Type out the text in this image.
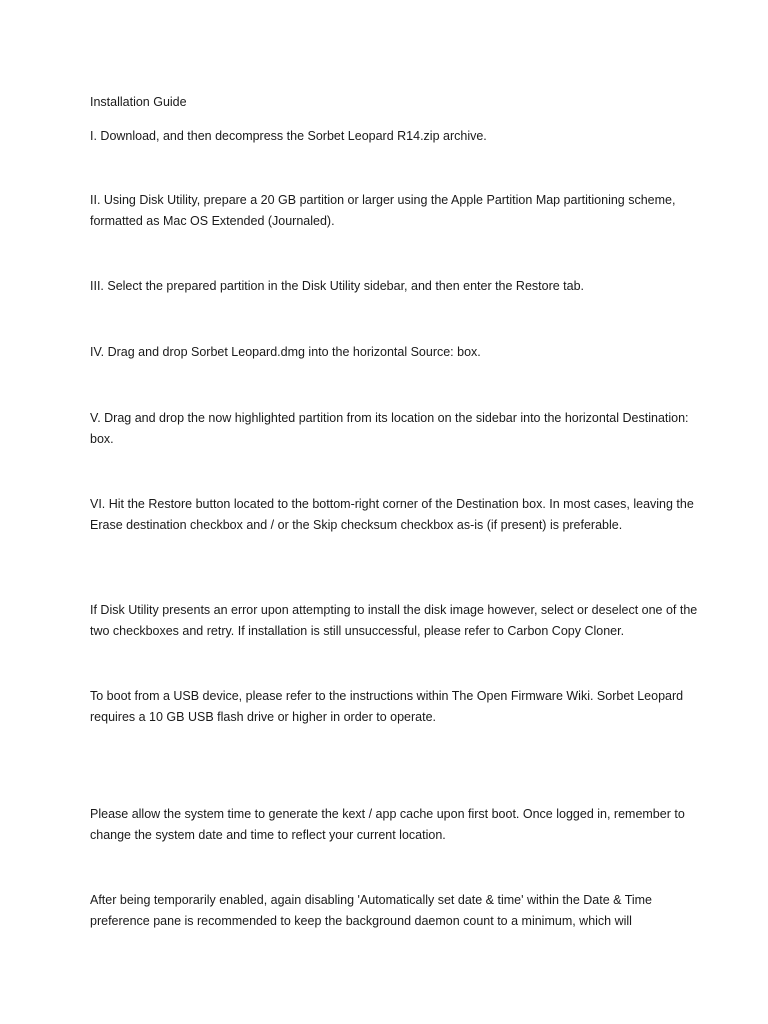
Installation Guide

I. Download, and then decompress the Sorbet Leopard R14.zip archive.

II. Using Disk Utility, prepare a 20 GB partition or larger using the Apple Partition Map partitioning scheme, formatted as Mac OS Extended (Journaled).

III. Select the prepared partition in the Disk Utility sidebar, and then enter the Restore tab.

IV. Drag and drop Sorbet Leopard.dmg into the horizontal Source: box.

V. Drag and drop the now highlighted partition from its location on the sidebar into the horizontal Destination: box.

VI. Hit the Restore button located to the bottom-right corner of the Destination box. In most cases, leaving the Erase destination checkbox and / or the Skip checksum checkbox as-is (if present) is preferable.

If Disk Utility presents an error upon attempting to install the disk image however, select or deselect one of the two checkboxes and retry. If installation is still unsuccessful, please refer to Carbon Copy Cloner.

To boot from a USB device, please refer to the instructions within The Open Firmware Wiki. Sorbet Leopard requires a 10 GB USB flash drive or higher in order to operate.

Please allow the system time to generate the kext / app cache upon first boot. Once logged in, remember to change the system date and time to reflect your current location.

After being temporarily enabled, again disabling 'Automatically set date & time' within the Date & Time preference pane is recommended to keep the background daemon count to a minimum, which will
